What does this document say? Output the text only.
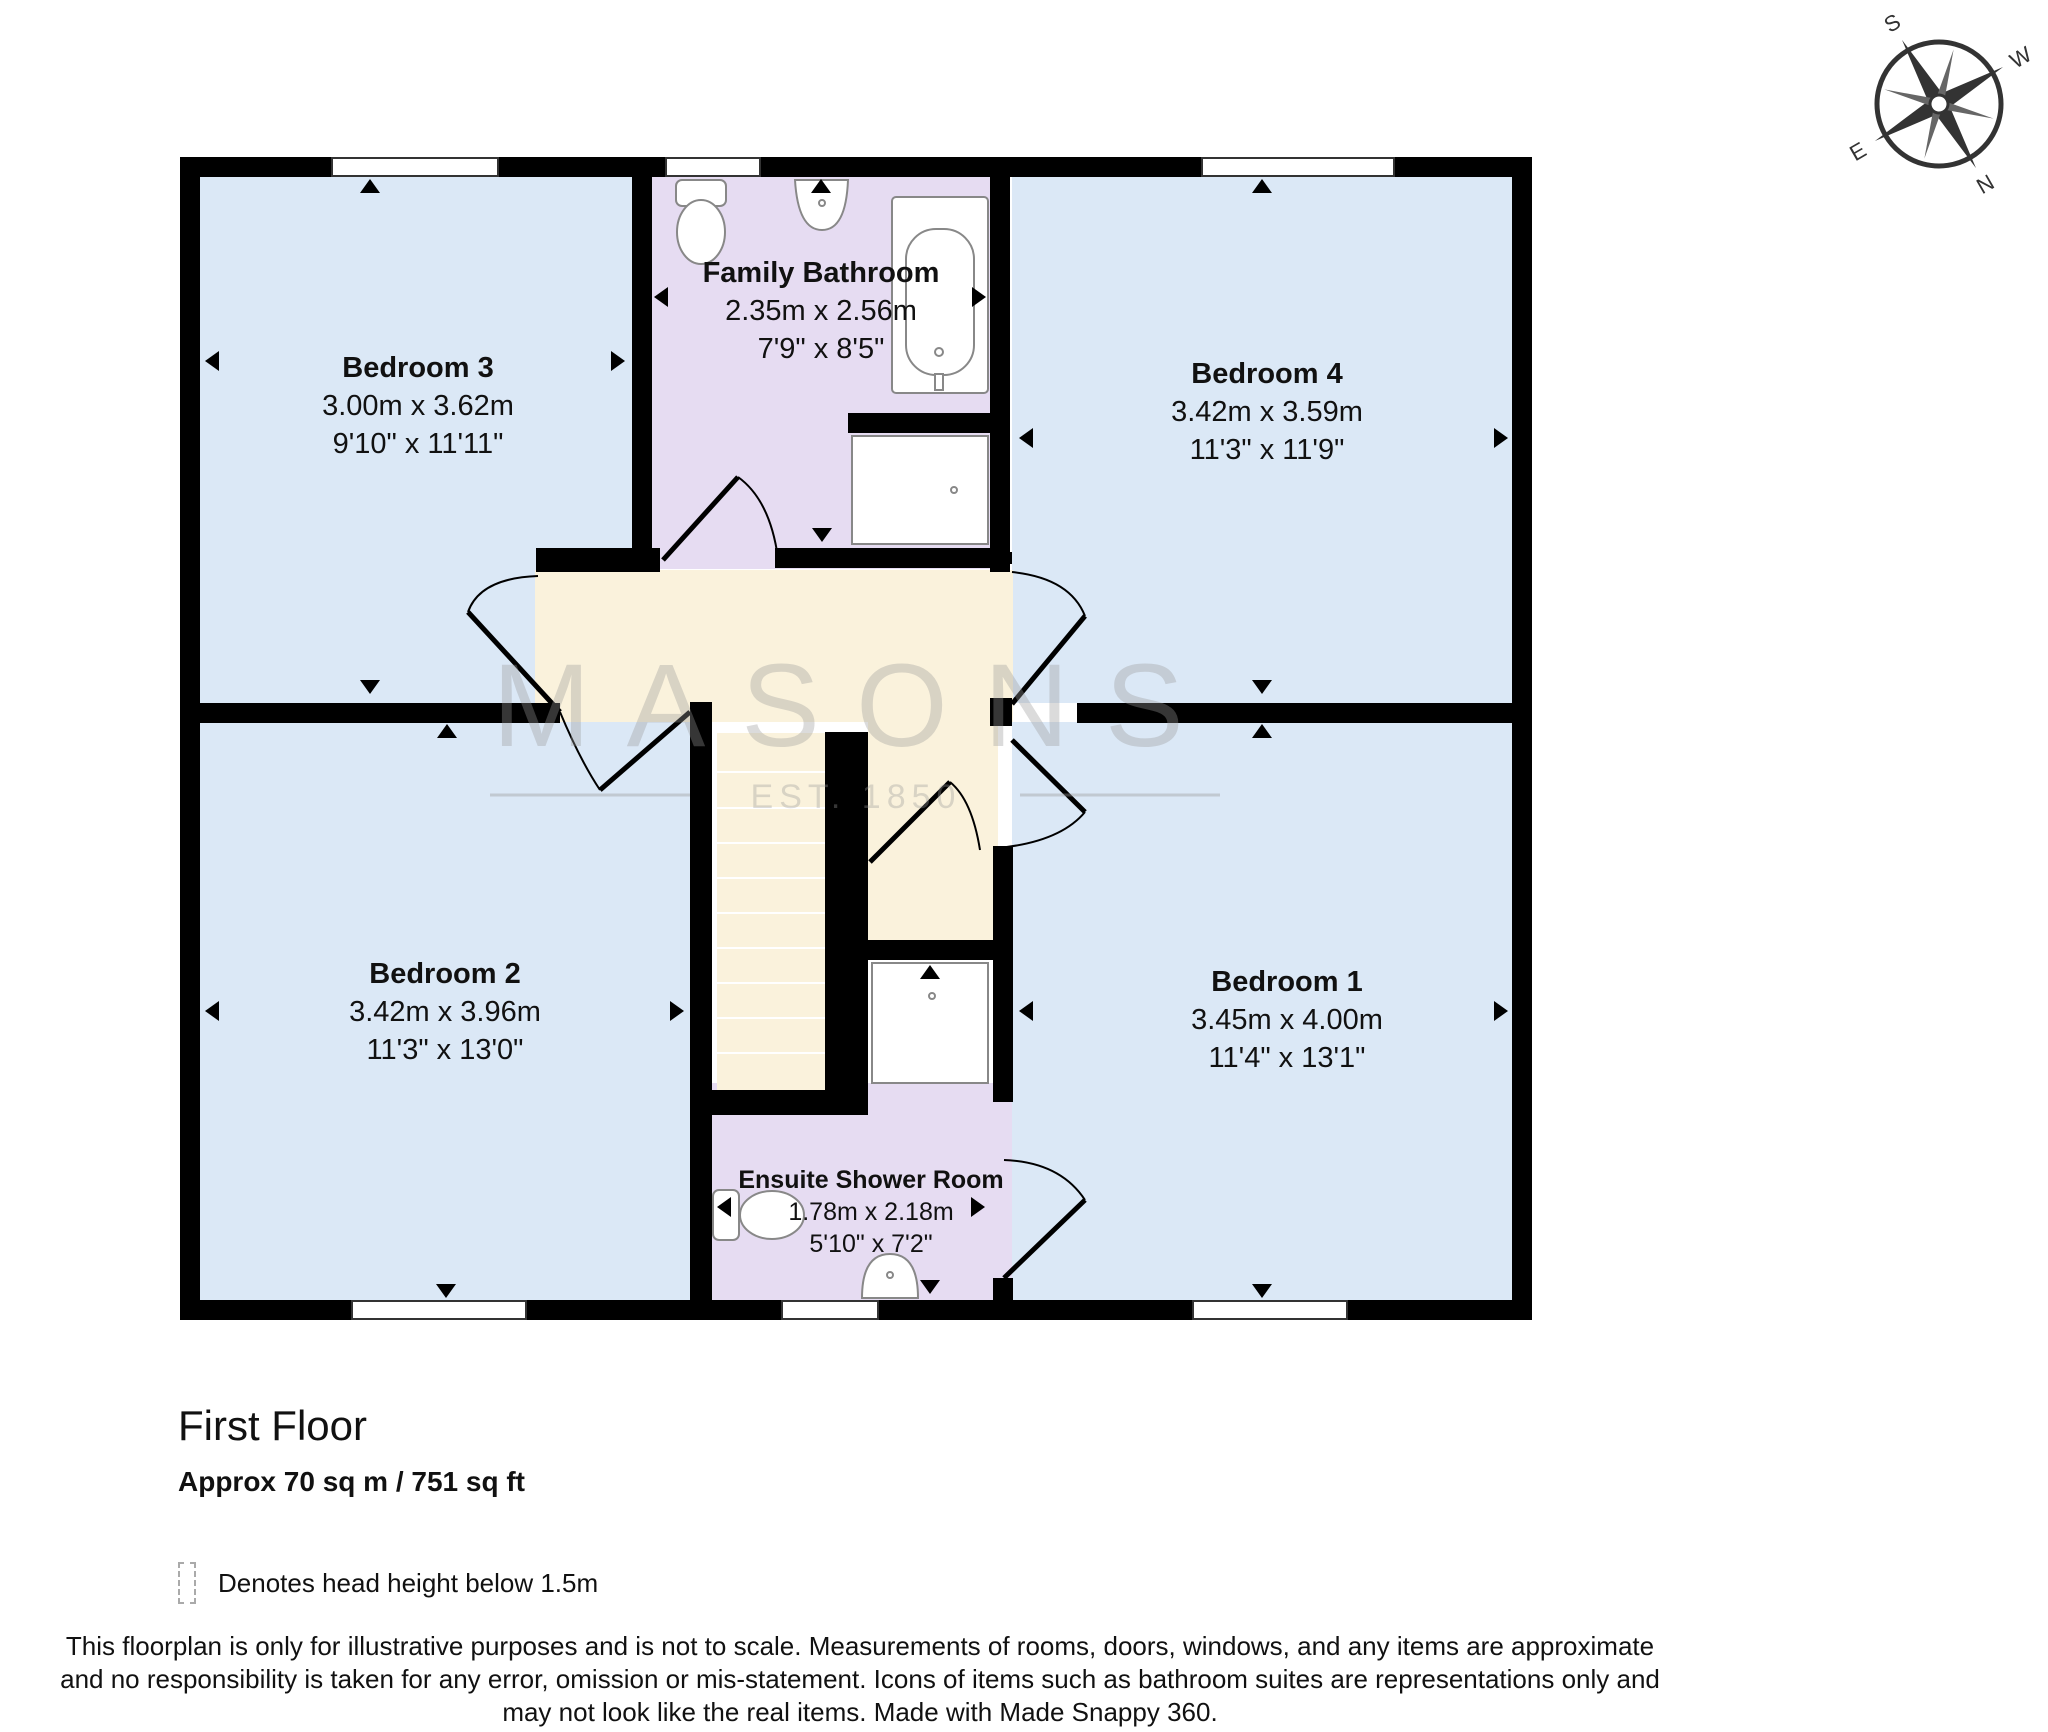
MASONS
EST. 1850
Bedroom 3
3.00m x 3.62m
9'10" x 11'11"
Family Bathroom
2.35m x 2.56m
7'9" x 8'5"
Bedroom 4
3.42m x 3.59m
11'3" x 11'9"
Bedroom 2
3.42m x 3.96m
11'3" x 13'0"
Bedroom 1
3.45m x 4.00m
11'4" x 13'1"
Ensuite Shower Room
1.78m x 2.18m
5'10" x 7'2"
S
E
W
N
First Floor
Approx 70 sq m / 751 sq ft
Denotes head height below 1.5m
This floorplan is only for illustrative purposes and is not to scale. Measurements of rooms, doors, windows, and any items are approximate
and no responsibility is taken for any error, omission or mis-statement. Icons of items such as bathroom suites are representations only and
may not look like the real items. Made with Made Snappy 360.
